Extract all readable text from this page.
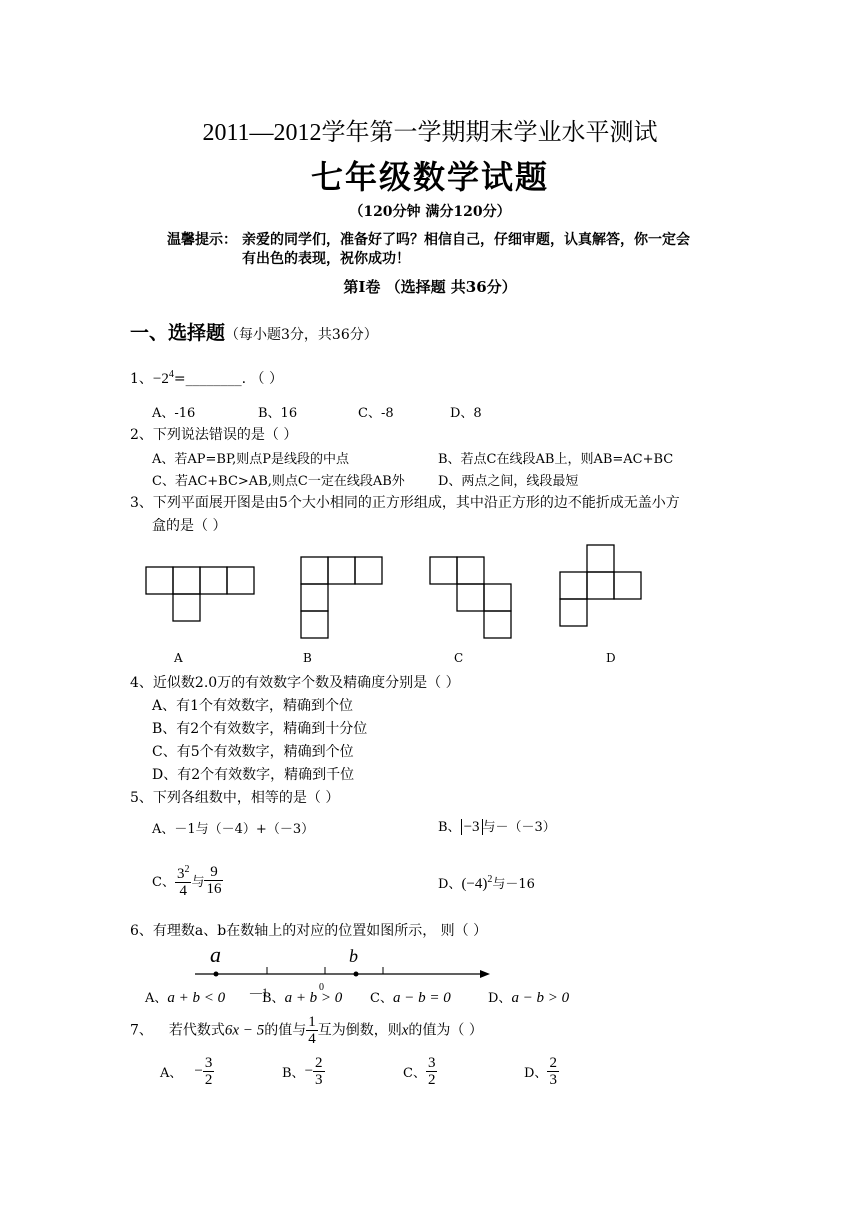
2011—2012学年第一学期期末学业水平测试
七年级数学试题
（120分钟 满分120分）
温馨提示： 亲爱的同学们，准备好了吗？相信自己，仔细审题，认真解答，你一定会
有出色的表现，祝你成功！
第Ⅰ卷 （选择题 共36分）
一、选择题（每小题3分，共36分）
1、$-2^4=\_\_\_\_\_\_\_\_$. （ ）
A、-16	B、16	C、-8	D、8
2、下列说法错误的是（ ）
A、若AP=BP,则点P是线段的中点	B、若点C在线段AB上，则AB=AC+BC
C、若AC+BC>AB,则点C一定在线段AB外	D、两点之间，线段最短
3、下列平面展开图是由5个大小相同的正方形组成，其中沿正方形的边不能折成无盖小方
盒的是（ ）
A	B	C	D
4、近似数2.0万的有效数字个数及精确度分别是（ ）
A、有1个有效数字，精确到个位
B、有2个有效数字，精确到十分位
C、有5个有效数字，精确到个位
D、有2个有效数字，精确到千位
5、下列各组数中，相等的是（ ）
A、－1与（－4）+（－3）	B、 −3 与－（－3）
C、 $\frac{3^2}{4}$ 与 $\frac{9}{16}$	D、$(-4)^2$与－16
6、有理数a、b在数轴上的对应的位置如图所示， 则（ ）
a	b
A、a + b < 0 —1
B、a + b > 0
0
C、a − b = 0	D、a − b > 0
7、 若代数式6x − 5的值与 $\frac{1}{4}$ 互为倒数，则x的值为（ ）
A、 − $\frac{3}{2}$	B、− $\frac{2}{3}$	C、 $\frac{3}{2}$	D、 $\frac{2}{3}$
